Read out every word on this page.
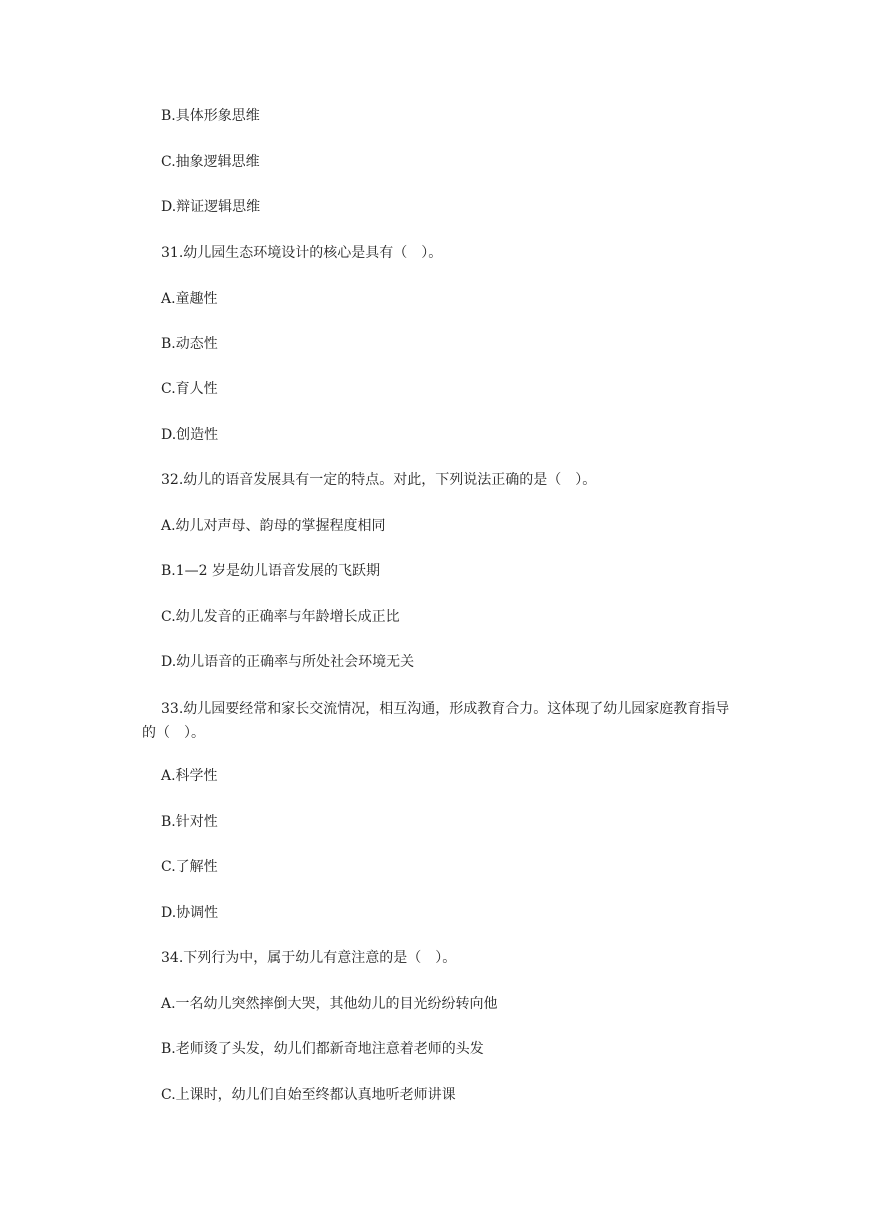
B.具体形象思维
C.抽象逻辑思维
D.辩证逻辑思维
31.幼儿园生态环境设计的核心是具有（　）。
A.童趣性
B.动态性
C.育人性
D.创造性
32.幼儿的语音发展具有一定的特点。对此，下列说法正确的是（　）。
A.幼儿对声母、韵母的掌握程度相同
B.1—2 岁是幼儿语音发展的飞跃期
C.幼儿发音的正确率与年龄增长成正比
D.幼儿语音的正确率与所处社会环境无关
33.幼儿园要经常和家长交流情况，相互沟通，形成教育合力。这体现了幼儿园家庭教育指导的（　）。
A.科学性
B.针对性
C.了解性
D.协调性
34.下列行为中，属于幼儿有意注意的是（　）。
A.一名幼儿突然摔倒大哭，其他幼儿的目光纷纷转向他
B.老师烫了头发，幼儿们都新奇地注意着老师的头发
C.上课时，幼儿们自始至终都认真地听老师讲课
